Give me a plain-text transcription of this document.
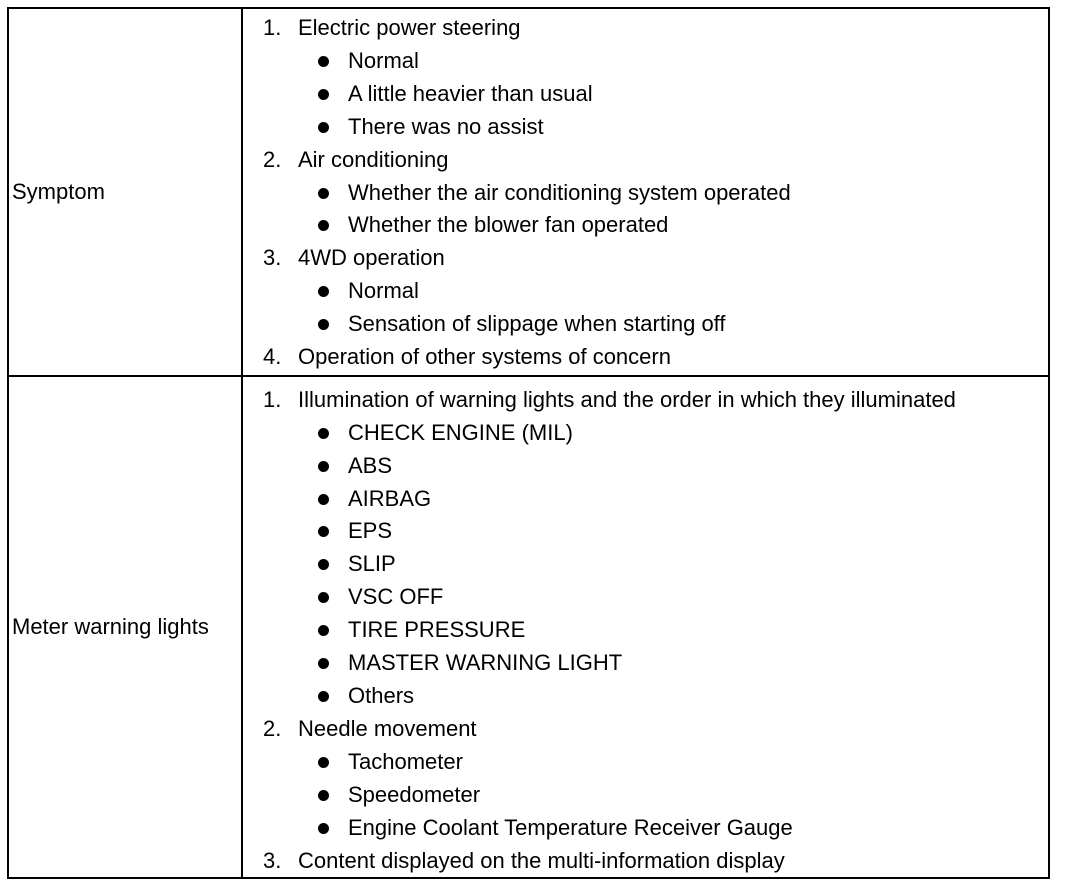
Symptom
1. Electric power steering
Normal
A little heavier than usual
There was no assist
2. Air conditioning
Whether the air conditioning system operated
Whether the blower fan operated
3. 4WD operation
Normal
Sensation of slippage when starting off
4. Operation of other systems of concern
Meter warning lights
1. Illumination of warning lights and the order in which they illuminated
CHECK ENGINE (MIL)
ABS
AIRBAG
EPS
SLIP
VSC OFF
TIRE PRESSURE
MASTER WARNING LIGHT
Others
2. Needle movement
Tachometer
Speedometer
Engine Coolant Temperature Receiver Gauge
3. Content displayed on the multi-information display
